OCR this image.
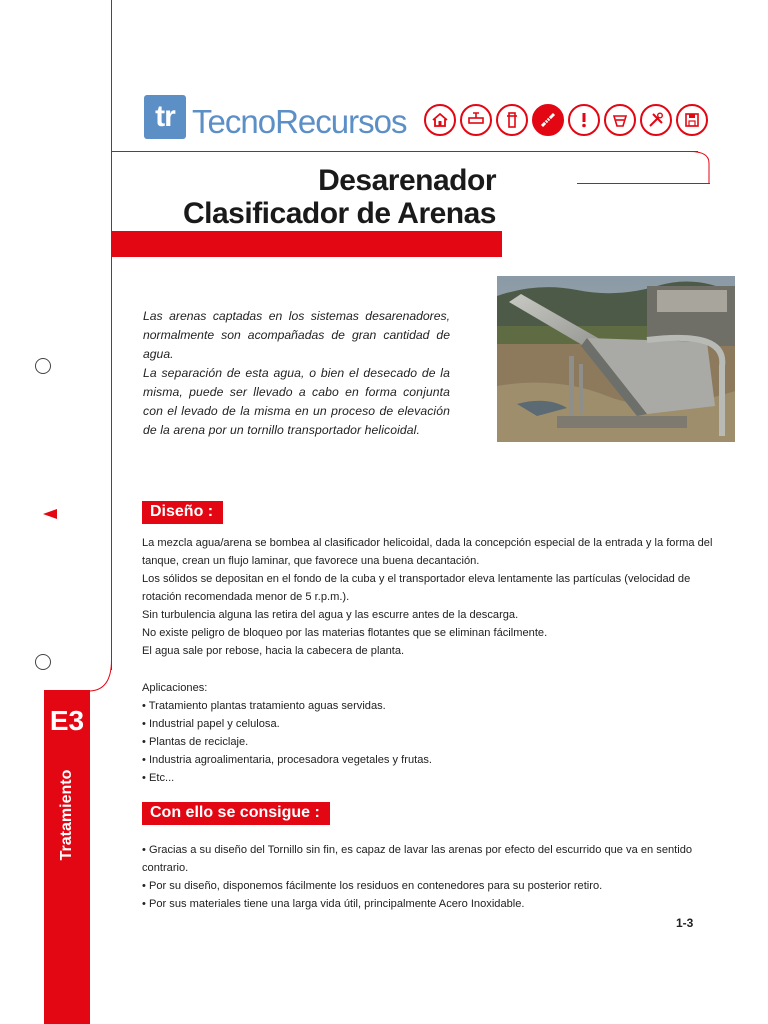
tr TecnoRecursos
Desarenador
Clasificador de Arenas
Las arenas captadas en los sistemas desarenadores, normalmente son acompañadas de gran cantidad de agua.
La separación de esta agua, o bien el desecado de la misma, puede ser llevado a cabo en forma conjunta con el levado de la misma en un proceso de elevación de la arena por un tornillo transportador helicoidal.
Diseño :
La mezcla agua/arena se bombea al clasificador helicoidal, dada la concepción especial de la entrada y la forma del tanque, crean un flujo laminar, que favorece una buena decantación.
Los sólidos se depositan en el fondo de la cuba y el transportador eleva lentamente las partículas (velocidad de rotación recomendada menor de 5 r.p.m.).
Sin turbulencia alguna las retira del agua y las escurre antes de la descarga.
No existe peligro de bloqueo por las materias flotantes que se eliminan fácilmente.
El agua sale por rebose, hacia la cabecera de planta.
Aplicaciones:
• Tratamiento plantas tratamiento aguas servidas.
• Industrial papel y celulosa.
• Plantas de reciclaje.
• Industria agroalimentaria, procesadora vegetales y frutas.
• Etc...
Con ello se consigue :
• Gracias a su diseño del Tornillo sin fin, es capaz de lavar las arenas por efecto del escurrido que va en sentido contrario.
• Por su diseño, disponemos fácilmente los residuos en contenedores para su posterior retiro.
• Por sus materiales tiene una larga vida útil, principalmente Acero Inoxidable.
1-3
E3
Tratamiento
